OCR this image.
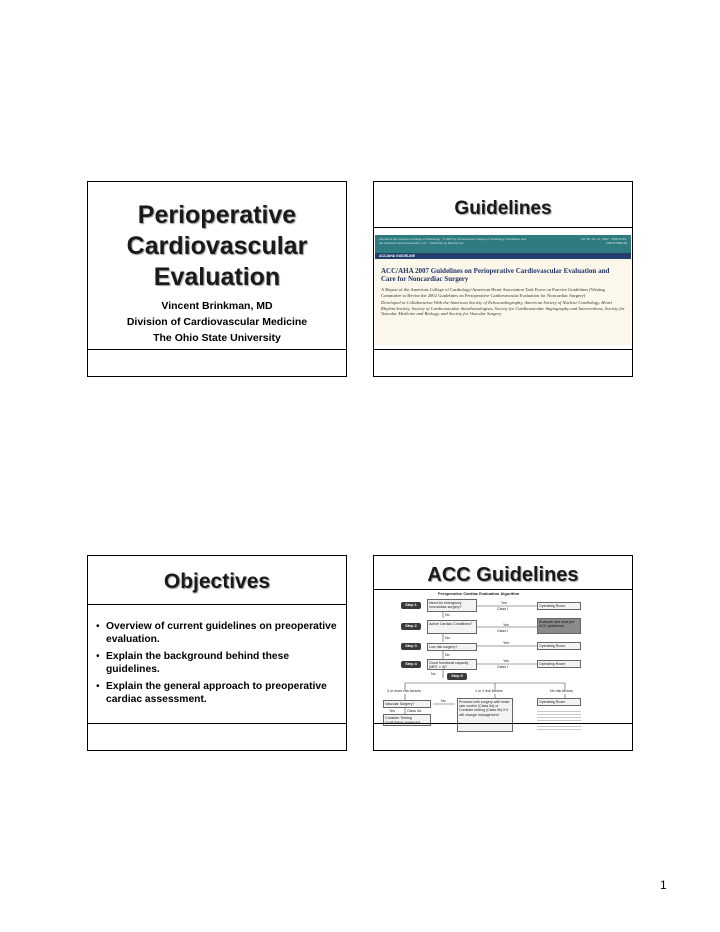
Perioperative
Cardiovascular
Evaluation
Vincent Brinkman, MD
Division of Cardiovascular Medicine
The Ohio State University
Guidelines
Journal of the American College of Cardiology · © 2007 by the American College of Cardiology Foundation and the American Heart Association, Inc. · Published by Elsevier Inc.
Vol. 50, No. 17, 2007 · ISSN 0735-1097/07/$32.00
ACC/AHA GUIDELINE
ACC/AHA 2007 Guidelines on Perioperative Cardiovascular Evaluation and Care for Noncardiac Surgery
A Report of the American College of Cardiology/American Heart Association Task Force on Practice Guidelines (Writing Committee to Revise the 2002 Guidelines on Perioperative Cardiovascular Evaluation for Noncardiac Surgery)
Developed in Collaboration With the American Society of Echocardiography, American Society of Nuclear Cardiology, Heart Rhythm Society, Society of Cardiovascular Anesthesiologists, Society for Cardiovascular Angiography and Interventions, Society for Vascular Medicine and Biology, and Society for Vascular Surgery
Objectives
• Overview of current guidelines on preoperative evaluation.
• Explain the background behind these guidelines.
• Explain the general approach to preoperative cardiac assessment.
ACC Guidelines
Preoperative Cardiac Evaluation Algorithm
Step 1	Need for emergency noncardiac surgery?	Operating Room
Yes
Class I
No
Step 2	Active Cardiac Conditions?	Evaluate and treat per ACC guidelines
Yes
Class I
No
Step 3	Low risk surgery?	Operating Room
Yes
No
Step 4	Good functional capacity (MET > 4)?
Operating Room
Yes
Class I
No	Step 5
3 or more risk factors	1 or 2 risk factors	No risk factors
Vascular Surgery?	Proceed with surgery with heart rate control (Class IIa) or Consider testing (Class IIb) if it will change management
Operating Room
No
Yes	Class IIa
Consider Testing
if it will change management
1
